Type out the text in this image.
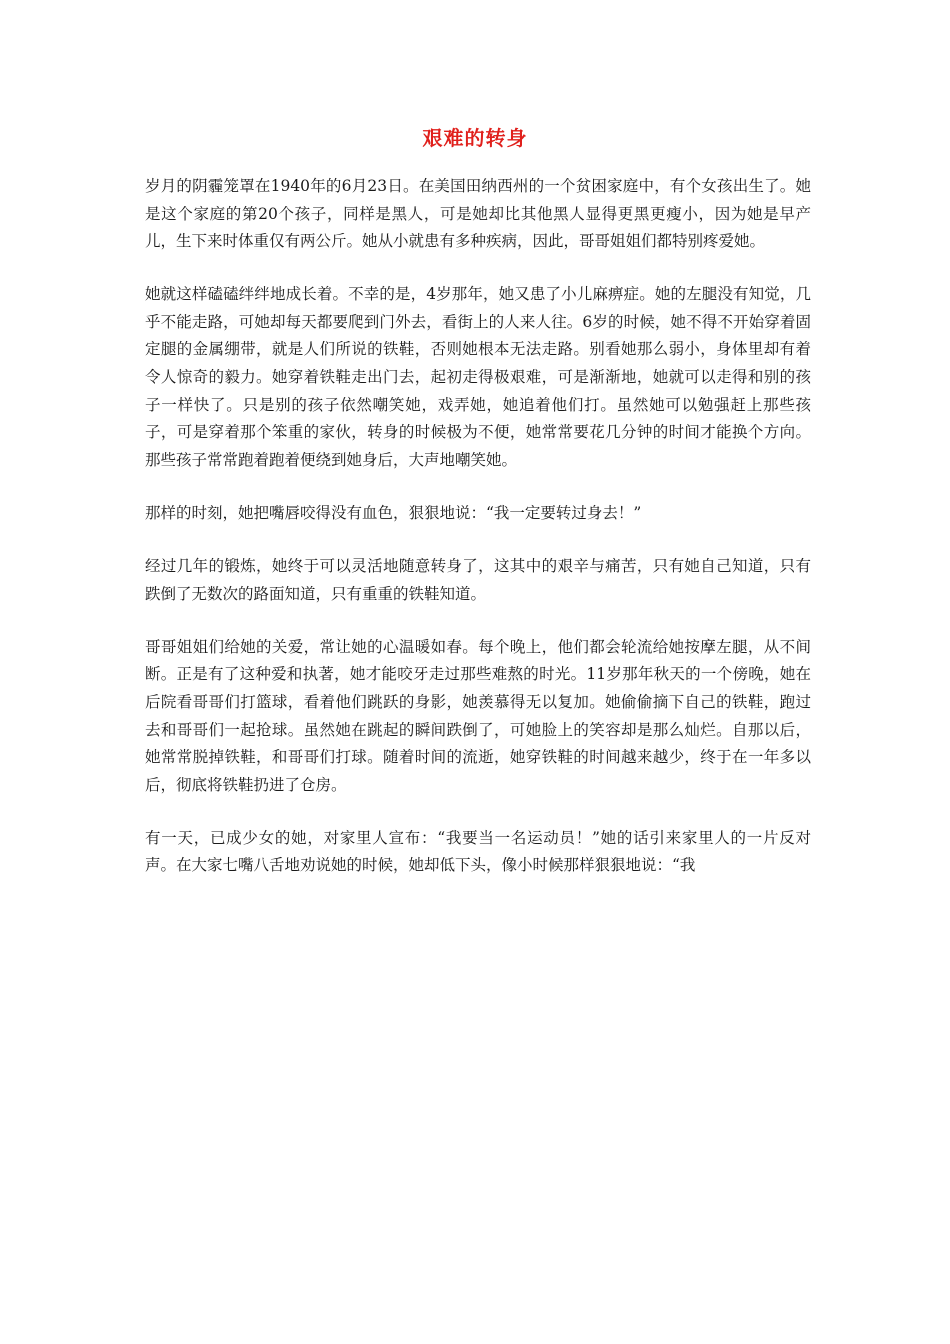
艰难的转身

岁月的阴霾笼罩在1940年的6月23日。在美国田纳西州的一个贫困家庭中，有个女孩出生了。她是这个家庭的第20个孩子，同样是黑人，可是她却比其他黑人显得更黑更瘦小，因为她是早产儿，生下来时体重仅有两公斤。她从小就患有多种疾病，因此，哥哥姐姐们都特别疼爱她。

她就这样磕磕绊绊地成长着。不幸的是，4岁那年，她又患了小儿麻痹症。她的左腿没有知觉，几乎不能走路，可她却每天都要爬到门外去，看街上的人来人往。6岁的时候，她不得不开始穿着固定腿的金属绷带，就是人们所说的铁鞋，否则她根本无法走路。别看她那么弱小，身体里却有着令人惊奇的毅力。她穿着铁鞋走出门去，起初走得极艰难，可是渐渐地，她就可以走得和别的孩子一样快了。只是别的孩子依然嘲笑她，戏弄她，她追着他们打。虽然她可以勉强赶上那些孩子，可是穿着那个笨重的家伙，转身的时候极为不便，她常常要花几分钟的时间才能换个方向。那些孩子常常跑着跑着便绕到她身后，大声地嘲笑她。

那样的时刻，她把嘴唇咬得没有血色，狠狠地说：“我一定要转过身去！”

经过几年的锻炼，她终于可以灵活地随意转身了，这其中的艰辛与痛苦，只有她自己知道，只有跌倒了无数次的路面知道，只有重重的铁鞋知道。

哥哥姐姐们给她的关爱，常让她的心温暖如春。每个晚上，他们都会轮流给她按摩左腿，从不间断。正是有了这种爱和执著，她才能咬牙走过那些难熬的时光。11岁那年秋天的一个傍晚，她在后院看哥哥们打篮球，看着他们跳跃的身影，她羡慕得无以复加。她偷偷摘下自己的铁鞋，跑过去和哥哥们一起抢球。虽然她在跳起的瞬间跌倒了，可她脸上的笑容却是那么灿烂。自那以后，她常常脱掉铁鞋，和哥哥们打球。随着时间的流逝，她穿铁鞋的时间越来越少，终于在一年多以后，彻底将铁鞋扔进了仓房。

有一天，已成少女的她，对家里人宣布：“我要当一名运动员！”她的话引来家里人的一片反对声。在大家七嘴八舌地劝说她的时候，她却低下头，像小时候那样狠狠地说：“我
